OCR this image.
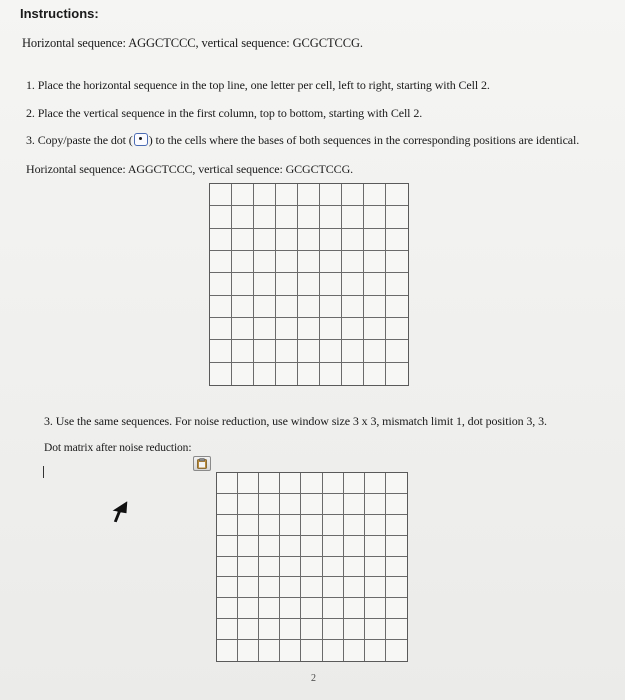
Instructions:
Horizontal sequence: AGGCTCCC, vertical sequence: GCGCTCCG.
1. Place the horizontal sequence in the top line, one letter per cell, left to right, starting with Cell 2.
2. Place the vertical sequence in the first column, top to bottom, starting with Cell 2.
3. Copy/paste the dot ( ) to the cells where the bases of both sequences in the corresponding positions are identical.
Horizontal sequence: AGGCTCCC, vertical sequence: GCGCTCCG.
3. Use the same sequences. For noise reduction, use window size 3 x 3, mismatch limit 1, dot position 3, 3.
Dot matrix after noise reduction:
2
